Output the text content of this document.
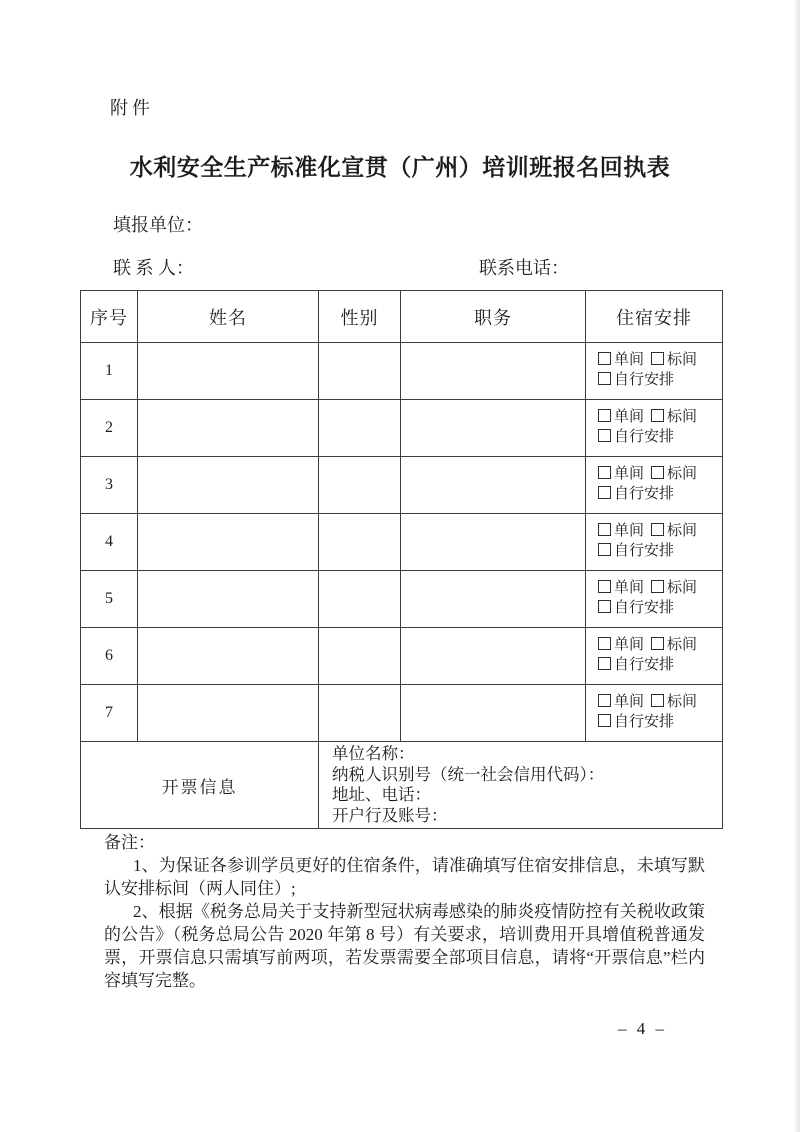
附件
水利安全生产标准化宣贯（广州）培训班报名回执表
填报单位：
联 系 人：	联系电话：
序号	姓名	性别	职务	住宿安排
1				单间 标间
自行安排

2				单间 标间
自行安排

3				单间 标间
自行安排

4				单间 标间
自行安排

5				单间 标间
自行安排

6				单间 标间
自行安排

7				单间 标间
自行安排

开票信息		单位名称：
纳税人识别号（统一社会信用代码）：
地址、电话：
开户行及账号：		
备注：

1、为保证各参训学员更好的住宿条件，请准确填写住宿安排信息，未填写默认安排标间（两人同住）;

2、根据《税务总局关于支持新型冠状病毒感染的肺炎疫情防控有关税收政策的公告》（税务总局公告 2020 年第 8 号）有关要求，培训费用开具增值税普通发票，开票信息只需填写前两项，若发票需要全部项目信息，请将“开票信息”栏内容填写完整。

– 4 –
